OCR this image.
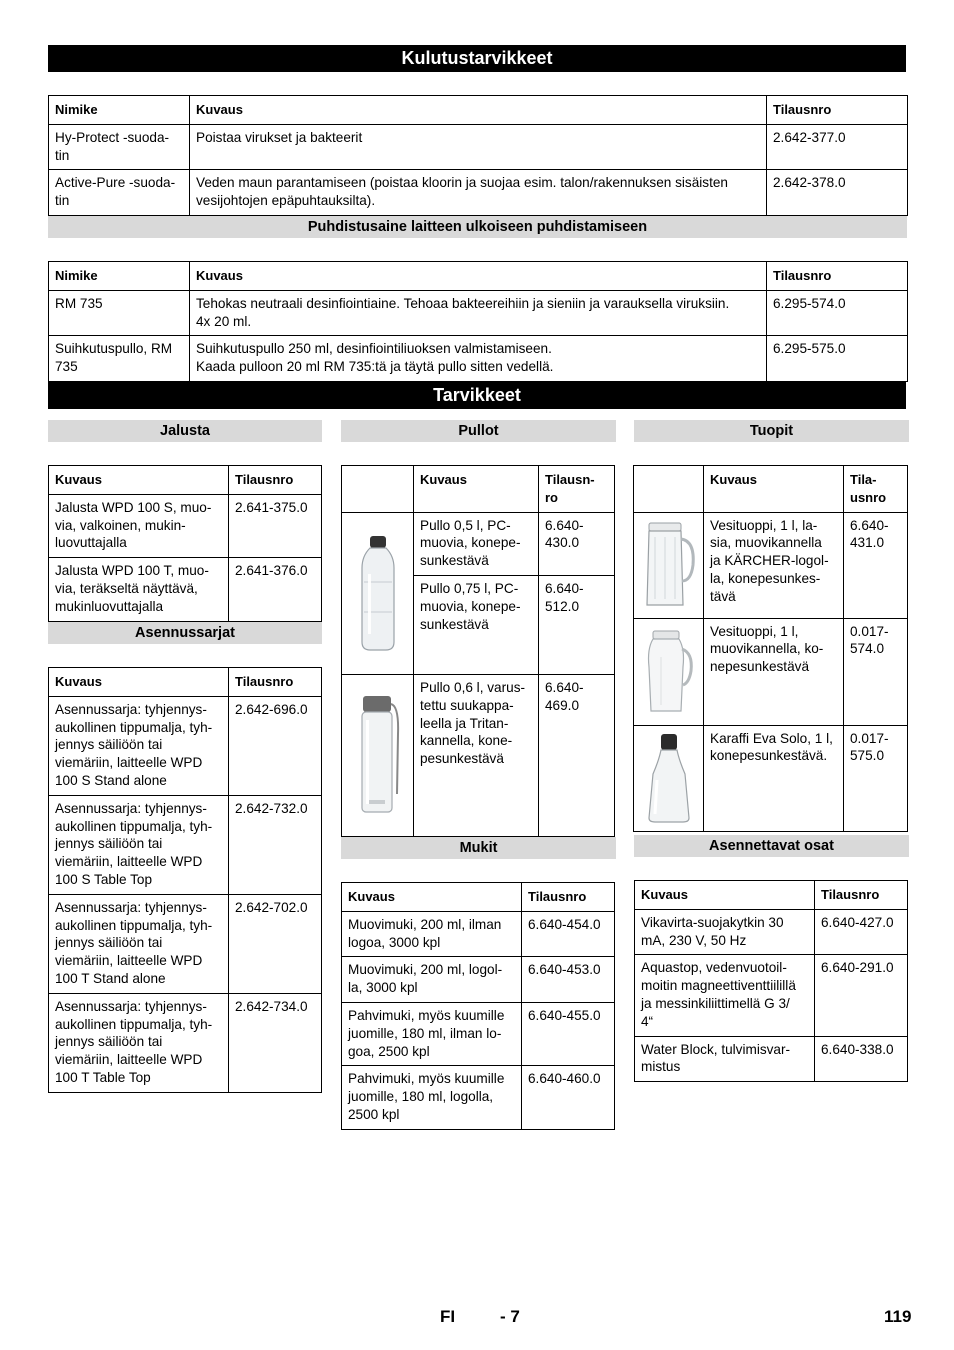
Kulutustarvikkeet
Nimike	Kuvaus	Tilausnro
Hy-Protect -suoda-
tin	Poistaa virukset ja bakteerit	2.642-377.0
Active-Pure -suoda-
tin	Veden maun parantamiseen (poistaa kloorin ja suojaa esim. talon/rakennuksen sisäisten
vesijohtojen epäpuhtauksilta).	2.642-378.0
Puhdistusaine laitteen ulkoiseen puhdistamiseen
Nimike	Kuvaus	Tilausnro
RM 735	Tehokas neutraali desinfiointiaine. Tehoaa bakteereihiin ja sieniin ja varauksella viruksiin.
4x 20 ml.	6.295-574.0
Suihkutuspullo, RM
735	Suihkutuspullo 250 ml, desinfiointiliuoksen valmistamiseen.
Kaada pulloon 20 ml RM 735:tä ja täytä pullo sitten vedellä.	6.295-575.0
Tarvikkeet
Jalusta
Kuvaus	Tilausnro
Jalusta WPD 100 S, muo-
via, valkoinen, mukin-
luovuttajalla	2.641-375.0
Jalusta WPD 100 T, muo-
via, teräkseltä näyttävä,
mukinluovuttajalla	2.641-376.0
Asennussarjat
Kuvaus	Tilausnro
Asennussarja: tyhjennys-
aukollinen tippumalja, tyh-
jennys säiliöön tai
viemäriin, laitteelle WPD
100 S Stand alone	2.642-696.0
Asennussarja: tyhjennys-
aukollinen tippumalja, tyh-
jennys säiliöön tai
viemäriin, laitteelle WPD
100 S Table Top	2.642-732.0
Asennussarja: tyhjennys-
aukollinen tippumalja, tyh-
jennys säiliöön tai
viemäriin, laitteelle WPD
100 T Stand alone	2.642-702.0
Asennussarja: tyhjennys-
aukollinen tippumalja, tyh-
jennys säiliöön tai
viemäriin, laitteelle WPD
100 T Table Top	2.642-734.0
Pullot
	Kuvaus	Tilausn-
ro

	Pullo 0,5 l, PC-
muovia, konepe-
sunkestävä	6.640-
430.0
	Pullo 0,75 l, PC-
muovia, konepe-
sunkestävä	6.640-
512.0

	Pullo 0,6 l, varus-
tettu suukappa-
leella ja Tritan-
kannella, kone-
pesunkestävä	6.640-
469.0
Mukit
Kuvaus	Tilausnro
Muovimuki, 200 ml, ilman
logoa, 3000 kpl	6.640-454.0
Muovimuki, 200 ml, logol-
la, 3000 kpl	6.640-453.0
Pahvimuki, myös kuumille
juomille, 180 ml, ilman lo-
goa, 2500 kpl	6.640-455.0
Pahvimuki, myös kuumille
juomille, 180 ml, logolla,
2500 kpl	6.640-460.0
Tuopit
	Kuvaus	Tila-
usnro

	Vesituoppi, 1 l, la-
sia, muovikannella
ja KÄRCHER-logol-
la, konepesunkes-
tävä	6.640-
431.0

	Vesituoppi, 1 l,
muovikannella, ko-
nepesunkestävä	0.017-
574.0

	Karaffi Eva Solo, 1 l,
konepesunkestävä.	0.017-
575.0
Asennettavat osat
Kuvaus	Tilausnro
Vikavirta-suojakytkin 30
mA, 230 V, 50 Hz	6.640-427.0
Aquastop, vedenvuotoil-
moitin magneettiventtiilillä
ja messinkiliittimellä G 3/
4“	6.640-291.0
Water Block, tulvimisvar-
mistus	6.640-338.0
FI	- 7	119
